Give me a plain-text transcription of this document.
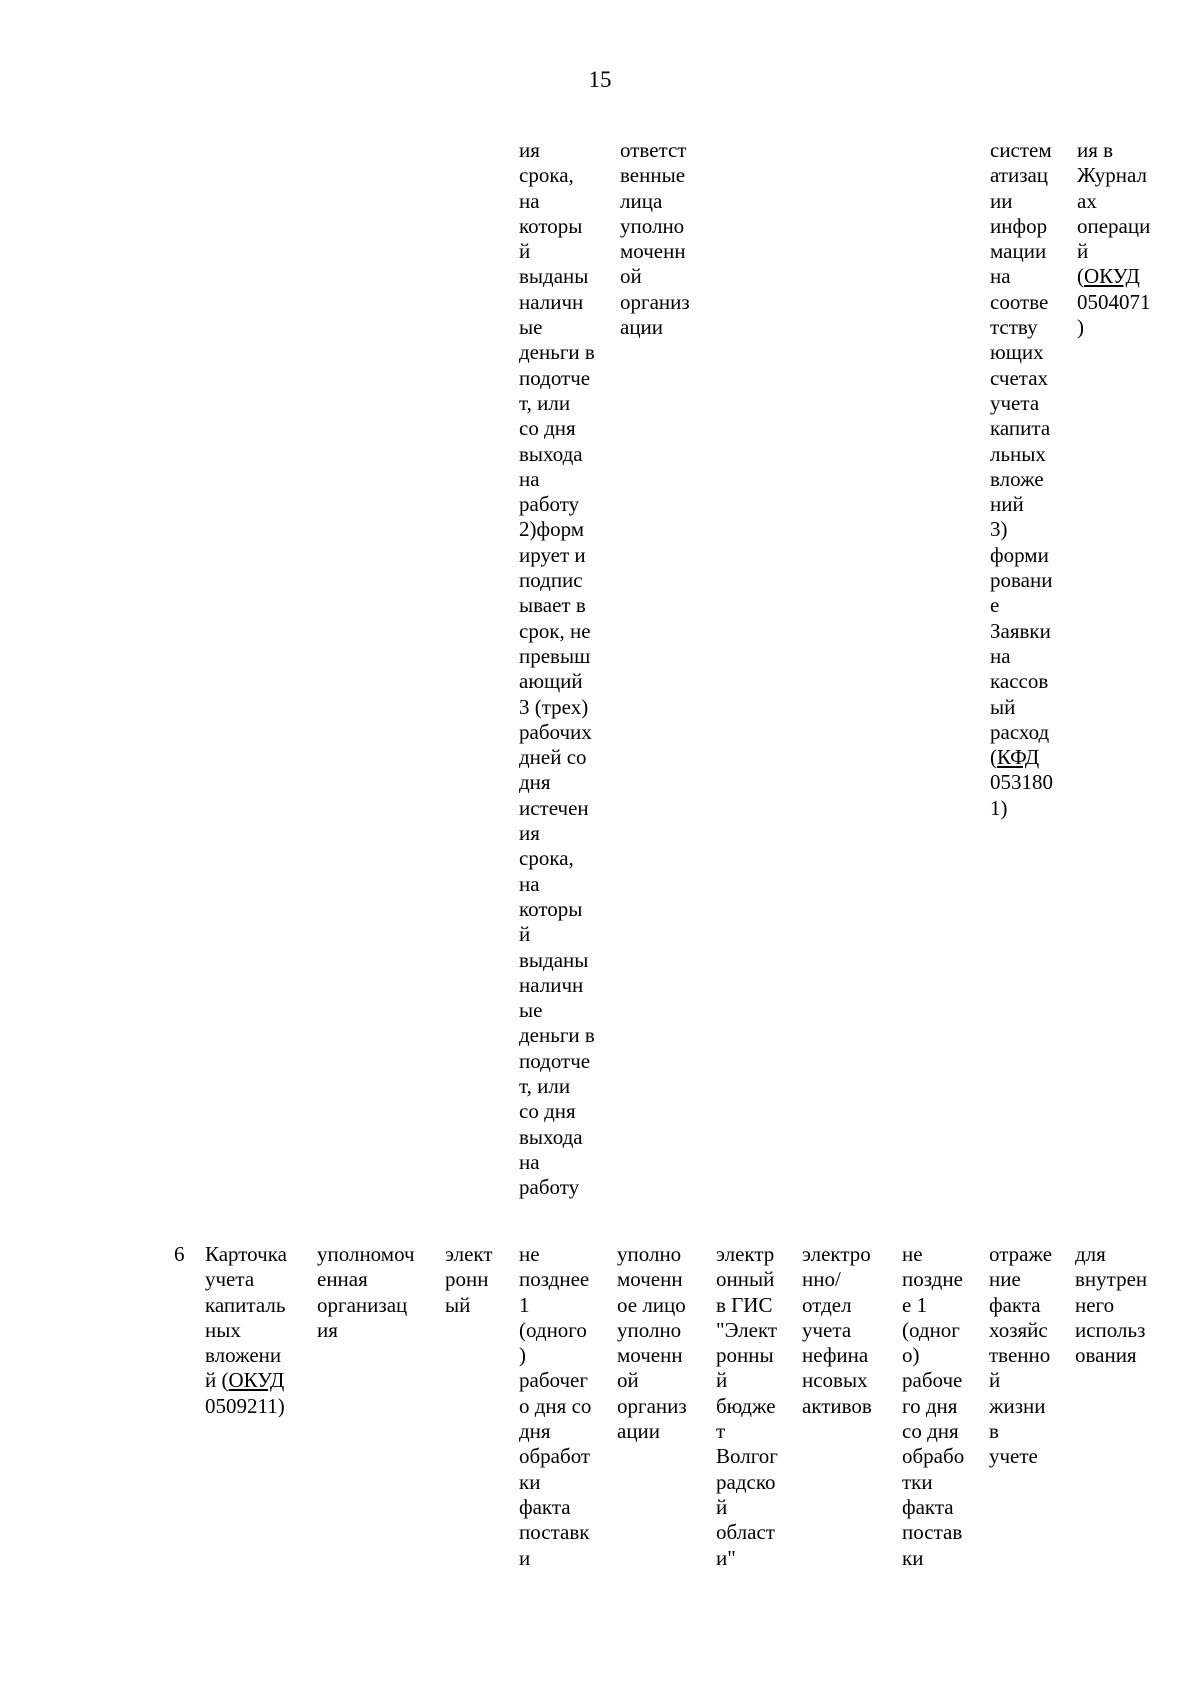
15
ия
срока,
на
которы
й
выданы
наличн
ые
деньги в
подотче
т, или
со дня
выхода
на
работу
2)форм
ирует и
подпис
ывает в
срок, не
превыш
ающий
3 (трех)
рабочих
дней со
дня
истечен
ия
срока,
на
которы
й
выданы
наличн
ые
деньги в
подотче
т, или
со дня
выхода
на
работу
ответст
венные
лица
уполно
моченн
ой
организ
ации
систем
атизац
ии
инфор
мации
на
соотве
тству
ющих
счетах
учета
капита
льных
вложе
ний
3)
форми
ровани
е
Заявки
на
кассов
ый
расход
(КФД
053180
1)
ия в
Журнал
ах
операци
й
(ОКУД
0504071
)
6 Карточка
учета
капиталь
ных
вложени
й (ОКУД
0509211)
уполномоч
енная
организац
ия
элект
ронн
ый
не
позднее
1
(одного
)
рабочег
о дня со
дня
обработ
ки
факта
поставк
и
уполно
моченн
ое лицо
уполно
моченн
ой
организ
ации
электр
онный
в ГИС
"Элект
ронны
й
бюдже
т
Волгог
радско
й
област
и"
электро
нно/
отдел
учета
нефина
нсовых
активов
не
поздне
е 1
(одног
о)
рабоче
го дня
со дня
обрабо
тки
факта
постав
ки
отраже
ние
факта
хозяйс
твенно
й
жизни
в
учете
для
внутрен
него
использ
ования
